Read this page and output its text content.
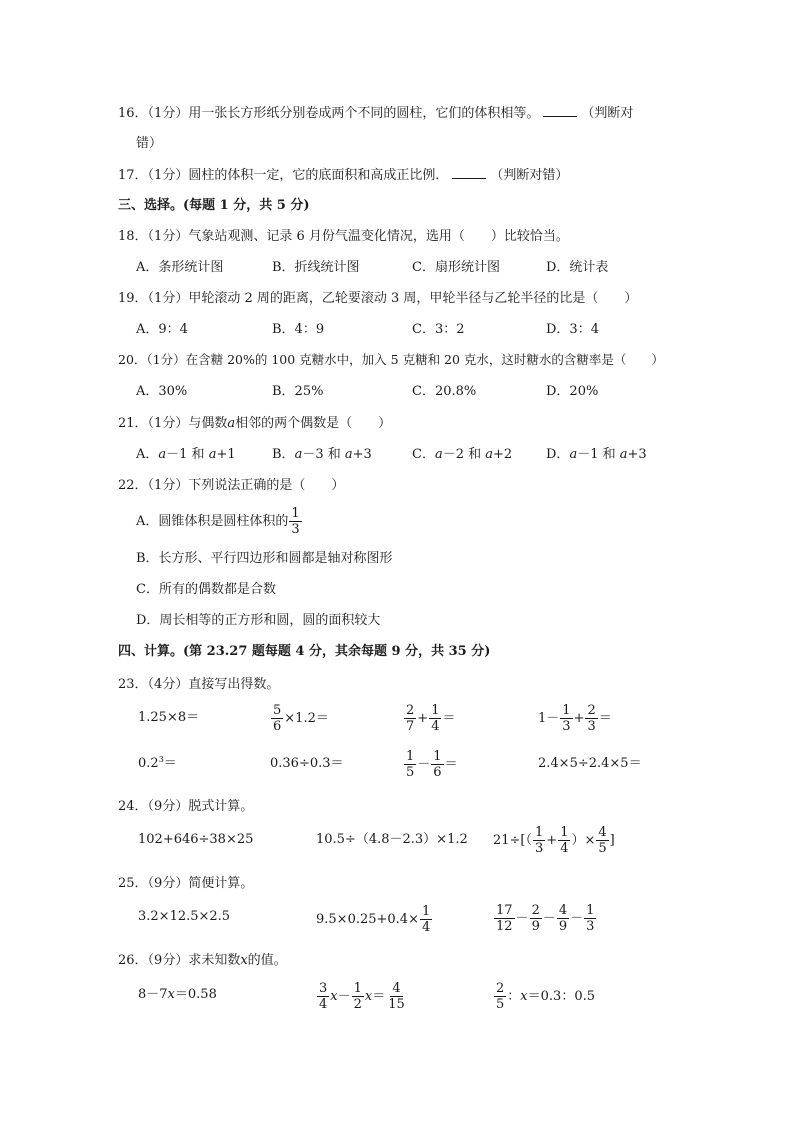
16．（1分）用一张长方形纸分别卷成两个不同的圆柱，它们的体积相等。	（判断对
错）
17．（1分）圆柱的体积一定，它的底面积和高成正比例．	（判断对错）
三、选择。(每题 1 分，共 5 分)
18．（1分）气象站观测、记录 6 月份气温变化情况，选用（　　）比较恰当。
A．条形统计图	B．折线统计图	C．扇形统计图	D．统计表
19．（1分）甲轮滚动 2 周的距离，乙轮要滚动 3 周，甲轮半径与乙轮半径的比是（　　）
A．9：4	B．4：9	C．3：2	D．3：4
20．（1分）在含糖 20%的 100 克糖水中，加入 5 克糖和 20 克水，这时糖水的含糖率是（　　）
A．30%	B．25%	C．20.8%	D．20%
21．（1分）与偶数a相邻的两个偶数是（　　）
A．a－1 和 a+1	B．a－3 和 a+3	C．a－2 和 a+2	D．a－1 和 a+3
22．（1分）下列说法正确的是（　　）
A．圆锥体积是圆柱体积的 $\frac{1}{3}$
B．长方形、平行四边形和圆都是轴对称图形
C．所有的偶数都是合数
D．周长相等的正方形和圆，圆的面积较大
四、计算。(第 23.27 题每题 4 分，其余每题 9 分，共 35 分)
23．（4分）直接写出得数。
1.25×8＝	$\frac{5}{6} \times 1.2=$	$\frac{2}{7} + \frac{1}{4}$ ＝	$1- \frac{1}{3} + \frac{2}{3}$ ＝
$0.2^3=$	0.36÷0.3＝	$\frac{1}{5} - \frac{1}{6}$ ＝	2.4×5÷2.4×5＝
24．（9分）脱式计算。
102+646÷38×25	10.5÷（4.8－2.3）×1.2 $21\div[( \frac{1}{3} + \frac{1}{4}$ ）× $\frac{4}{5}$ ]
25．（9分）简便计算。
3.2×12.5×2.5	$9.5\times 0.25+0.4\times \frac{1}{4}$	$\frac{17}{12} - \frac{2}{9} - \frac{4}{9} - \frac{1}{3}$
26．（9分）求未知数x的值。
8－7x＝0.58	$\frac{3}{4}$ $x - \frac{1}{2}$ $x = \frac{4}{15}$	$\frac{2}{5}$ ： x ＝0.3：0.5
